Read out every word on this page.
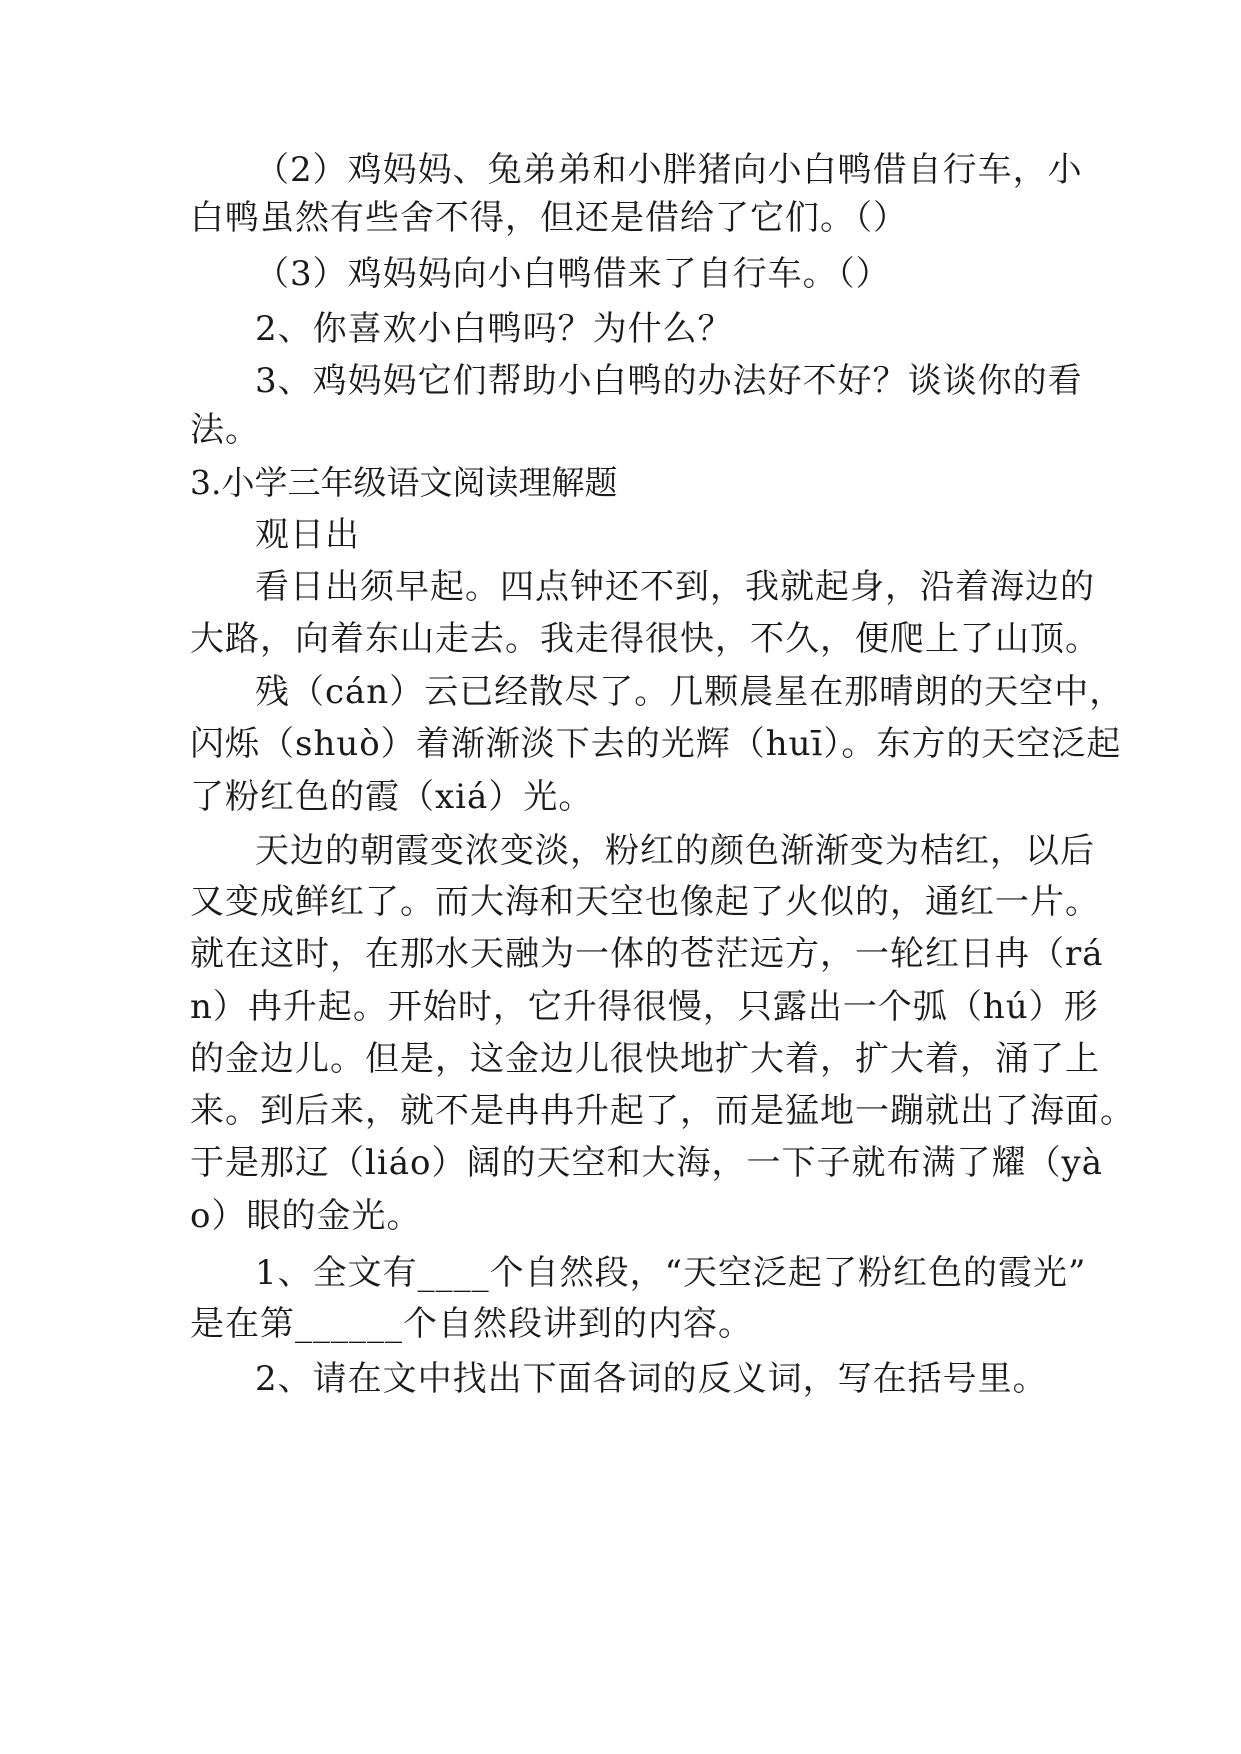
（2）鸡妈妈、兔弟弟和小胖猪向小白鸭借自行车，小
白鸭虽然有些舍不得，但还是借给了它们。（）
（3）鸡妈妈向小白鸭借来了自行车。（）
2、你喜欢小白鸭吗？为什么？
3、鸡妈妈它们帮助小白鸭的办法好不好？谈谈你的看
法。
3.小学三年级语文阅读理解题
观日出
看日出须早起。四点钟还不到，我就起身，沿着海边的
大路，向着东山走去。我走得很快，不久，便爬上了山顶。
残（cán）云已经散尽了。几颗晨星在那晴朗的天空中，
闪烁（shuò）着渐渐淡下去的光辉（huī）。东方的天空泛起
了粉红色的霞（xiá）光。
天边的朝霞变浓变淡，粉红的颜色渐渐变为桔红，以后
又变成鲜红了。而大海和天空也像起了火似的，通红一片。
就在这时，在那水天融为一体的苍茫远方，一轮红日冉（rá
n）冉升起。开始时，它升得很慢，只露出一个弧（hú）形
的金边儿。但是，这金边儿很快地扩大着，扩大着，涌了上
来。到后来，就不是冉冉升起了，而是猛地一蹦就出了海面。
于是那辽（liáo）阔的天空和大海，一下子就布满了耀（yà
o）眼的金光。
1、全文有____个自然段，“天空泛起了粉红色的霞光”
是在第______个自然段讲到的内容。
2、请在文中找出下面各词的反义词，写在括号里。
